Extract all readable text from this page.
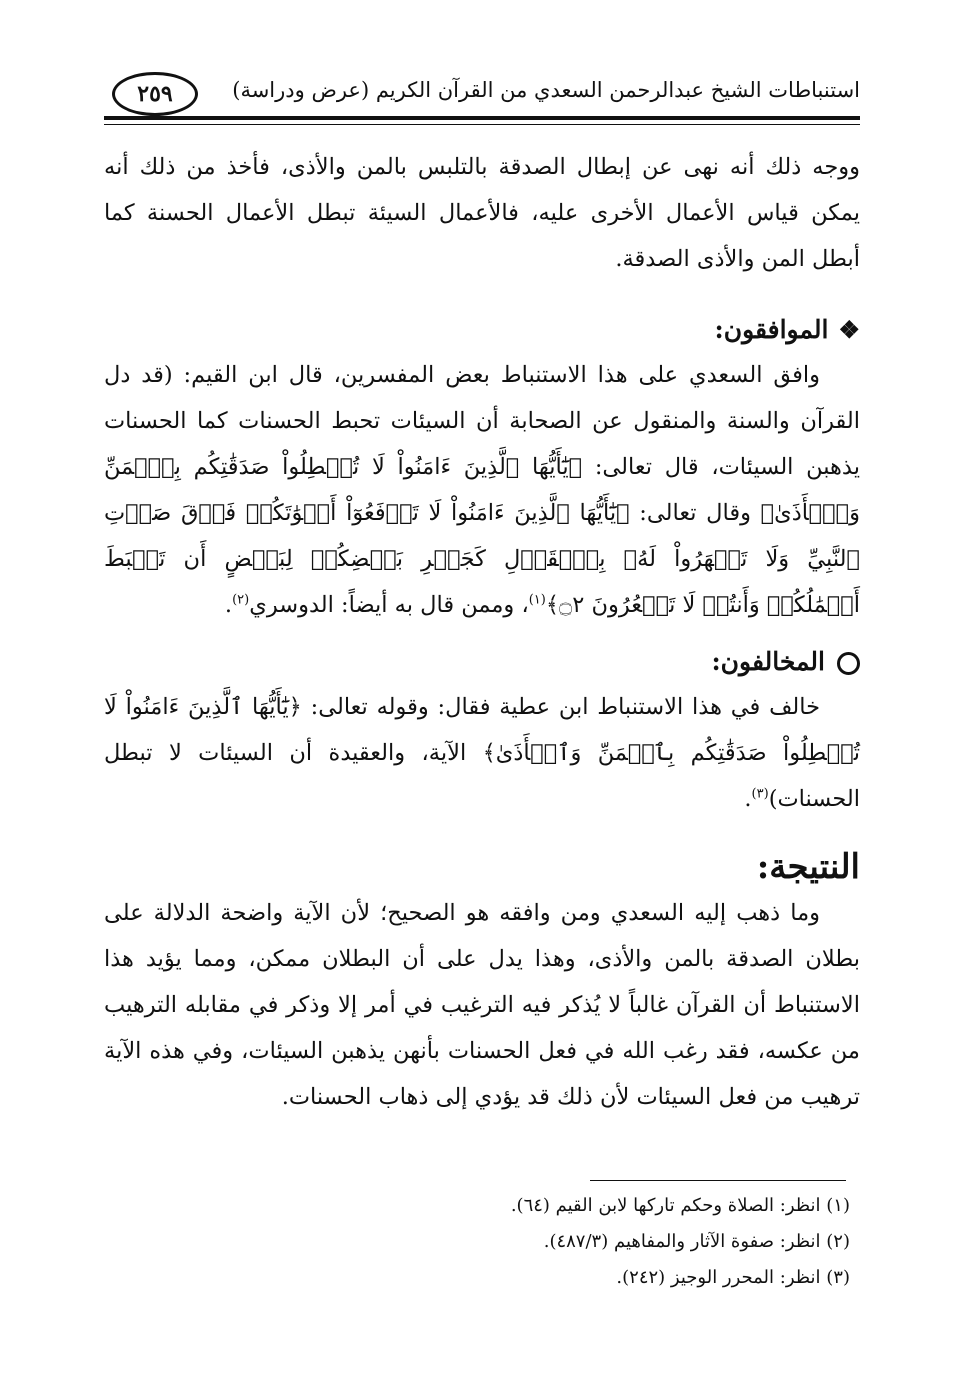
٢٥٩	استنباطات الشيخ عبدالرحمن السعدي من القرآن الكريم (عرض ودراسة)

ووجه ذلك أنه نهى عن إبطال الصدقة بالتلبس بالمن والأذى، فأخذ من ذلك أنه يمكن قياس الأعمال الأخرى عليه، فالأعمال السيئة تبطل الأعمال الحسنة كما أبطل المن والأذى الصدقة.

❖الموافقون:

وافق السعدي على هذا الاستنباط بعض المفسرين، قال ابن القيم: (قد دل القرآن والسنة والمنقول عن الصحابة أن السيئات تحبط الحسنات كما الحسنات يذهبن السيئات، قال تعالى: ﴿يَٰٓأَيُّهَا ٱلَّذِينَ ءَامَنُواْ لَا تُبۡطِلُواْ صَدَقَٰتِكُم بِٱلۡمَنِّ وَٱلۡأَذَىٰ﴾ وقال تعالى: ﴿يَٰٓأَيُّهَا ٱلَّذِينَ ءَامَنُواْ لَا تَرۡفَعُوٓاْ أَصۡوَٰتَكُمۡ فَوۡقَ صَوۡتِ ٱلنَّبِيِّ وَلَا تَجۡهَرُواْ لَهُۥ بِٱلۡقَوۡلِ كَجَهۡرِ بَعۡضِكُمۡ لِبَعۡضٍ أَن تَحۡبَطَ أَعۡمَٰلُكُمۡ وَأَنتُمۡ لَا تَشۡعُرُونَ ۝٢﴾$^{(١)}$، وممن قال به أيضاً: الدوسري$^{(٢)}$.

المخالفون:

خالف في هذا الاستنباط ابن عطية فقال: وقوله تعالى: ﴿يَٰٓأَيُّهَا ٱلَّذِينَ ءَامَنُواْ لَا تُبۡطِلُواْ صَدَقَٰتِكُم بِٱلۡمَنِّ وَٱلۡأَذَىٰ﴾ الآية، والعقيدة أن السيئات لا تبطل الحسنات)$^{(٣)}$.

النتيجة:

وما ذهب إليه السعدي ومن وافقه هو الصحيح؛ لأن الآية واضحة الدلالة على بطلان الصدقة بالمن والأذى، وهذا يدل على أن البطلان ممكن، ومما يؤيد هذا الاستنباط أن القرآن غالباً لا يُذكر فيه الترغيب في أمر إلا وذكر في مقابله الترهيب من عكسه، فقد رغب الله في فعل الحسنات بأنهن يذهبن السيئات، وفي هذه الآية ترهيب من فعل السيئات لأن ذلك قد يؤدي إلى ذهاب الحسنات.

(١) انظر: الصلاة وحكم تاركها لابن القيم (٦٤).
(٢) انظر: صفوة الآثار والمفاهيم (٤٨٧/٣).
(٣) انظر: المحرر الوجيز (٢٤٢).
